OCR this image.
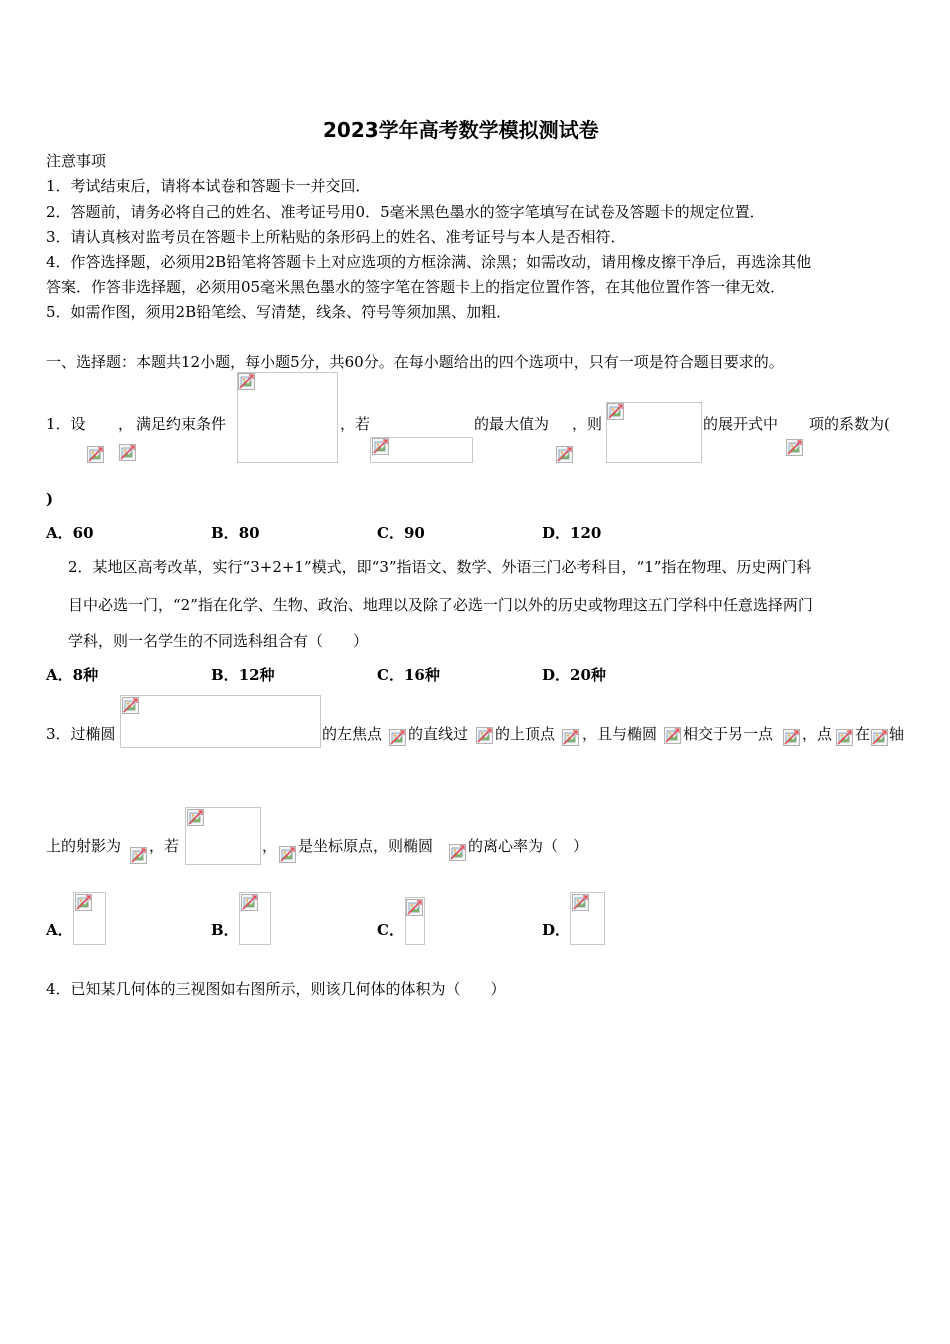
2023学年高考数学模拟测试卷
注意事项
1．考试结束后，请将本试卷和答题卡一并交回．
2．答题前，请务必将自己的姓名、准考证号用0．5毫米黑色墨水的签字笔填写在试卷及答题卡的规定位置．
3．请认真核对监考员在答题卡上所粘贴的条形码上的姓名、准考证号与本人是否相符．
4．作答选择题，必须用2B铅笔将答题卡上对应选项的方框涂满、涂黑；如需改动，请用橡皮擦干净后，再选涂其他
答案．作答非选择题，必须用05毫米黑色墨水的签字笔在答题卡上的指定位置作答，在其他位置作答一律无效．
5．如需作图，须用2B铅笔绘、写清楚，线条、符号等须加黑、加粗．
一、选择题：本题共12小题，每小题5分，共60分。在每小题给出的四个选项中，只有一项是符合题目要求的。
1．设 ， 满足约束条件	，若	的最大值为 ，则	的展开式中 项的系数为(
)
A．60	B．80	C．90	D．120
2．某地区高考改革，实行“3+2+1”模式，即“3”指语文、数学、外语三门必考科目，“1”指在物理、历史两门科
目中必选一门，“2”指在化学、生物、政治、地理以及除了必选一门以外的历史或物理这五门学科中任意选择两门
学科，则一名学生的不同选科组合有（　　）
A．8种	B．12种	C．16种	D．20种
3．过椭圆	的左焦点 的直线过 的上顶点 ，且与椭圆 相交于另一点 ，点 在 轴
上的射影为 ，若	， 是坐标原点，则椭圆 的离心率为（　）
A．	B．	C．	D．
4．已知某几何体的三视图如右图所示，则该几何体的体积为（　　）
